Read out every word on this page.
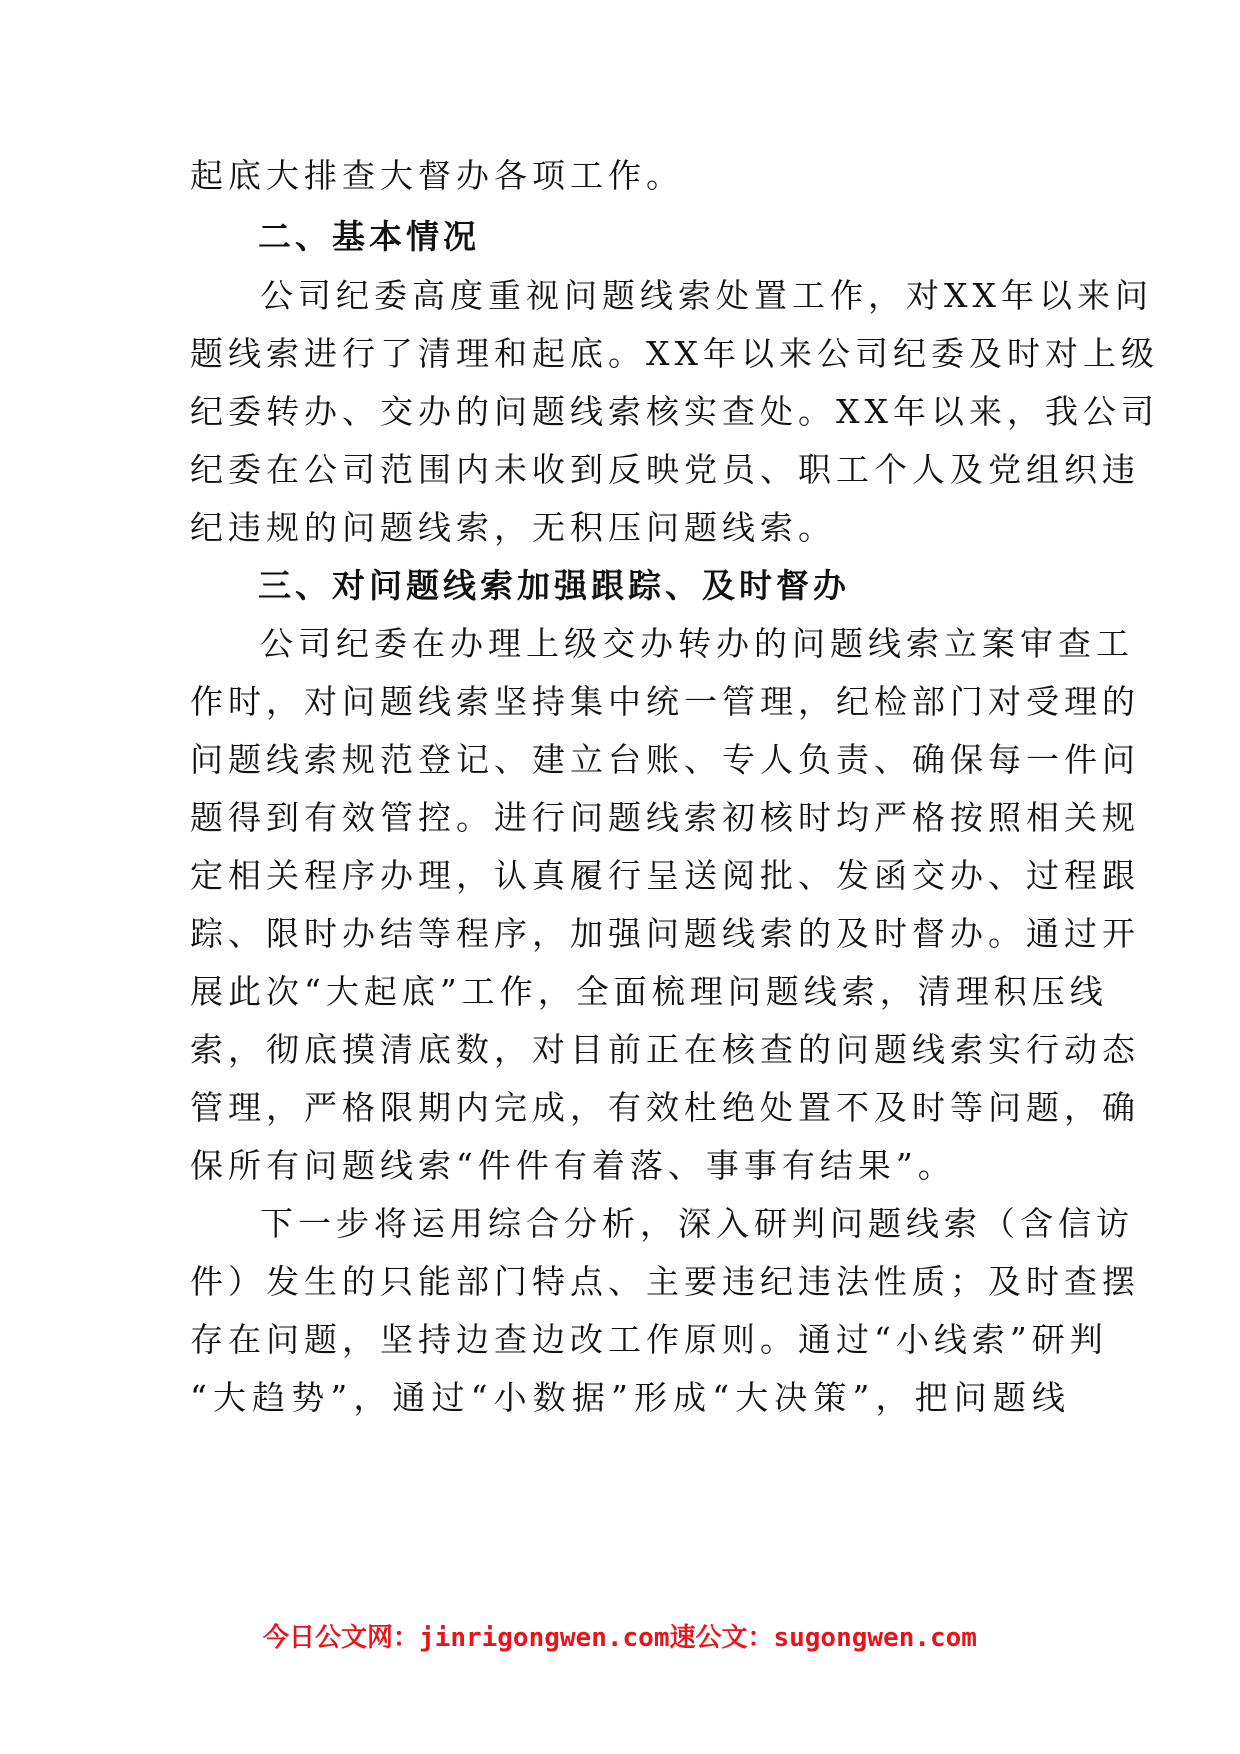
起底大排查大督办各项工作。
二、基本情况
公司纪委高度重视问题线索处置工作，对XX年以来问
题线索进行了清理和起底。XX年以来公司纪委及时对上级
纪委转办、交办的问题线索核实查处。XX年以来，我公司
纪委在公司范围内未收到反映党员、职工个人及党组织违
纪违规的问题线索，无积压问题线索。
三、对问题线索加强跟踪、及时督办
公司纪委在办理上级交办转办的问题线索立案审查工
作时，对问题线索坚持集中统一管理，纪检部门对受理的
问题线索规范登记、建立台账、专人负责、确保每一件问
题得到有效管控。进行问题线索初核时均严格按照相关规
定相关程序办理，认真履行呈送阅批、发函交办、过程跟
踪、限时办结等程序，加强问题线索的及时督办。通过开
展此次“大起底”工作，全面梳理问题线索，清理积压线
索，彻底摸清底数，对目前正在核查的问题线索实行动态
管理，严格限期内完成，有效杜绝处置不及时等问题，确
保所有问题线索“件件有着落、事事有结果”。
下一步将运用综合分析，深入研判问题线索（含信访
件）发生的只能部门特点、主要违纪违法性质；及时查摆
存在问题，坚持边查边改工作原则。通过“小线索”研判
“大趋势”，通过“小数据”形成“大决策”，把问题线
今日公文网：jinrigongwen.com速公文：sugongwen.com
